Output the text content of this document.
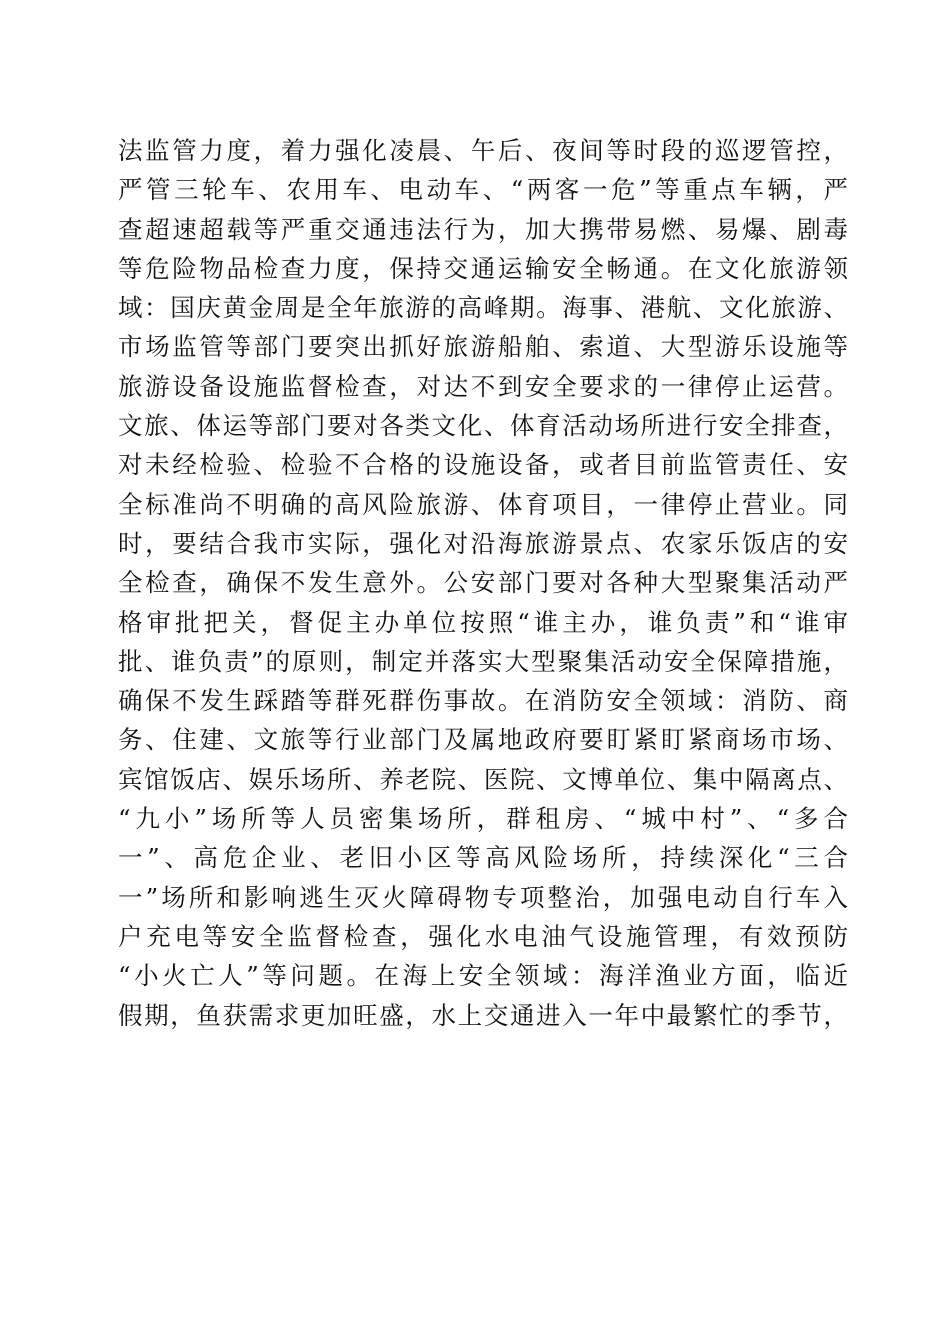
法监管力度，着力强化凌晨、午后、夜间等时段的巡逻管控，
严管三轮车、农用车、电动车、“两客一危”等重点车辆，严
查超速超载等严重交通违法行为，加大携带易燃、易爆、剧毒
等危险物品检查力度，保持交通运输安全畅通。在文化旅游领
域：国庆黄金周是全年旅游的高峰期。海事、港航、文化旅游、
市场监管等部门要突出抓好旅游船舶、索道、大型游乐设施等
旅游设备设施监督检查，对达不到安全要求的一律停止运营。
文旅、体运等部门要对各类文化、体育活动场所进行安全排查，
对未经检验、检验不合格的设施设备，或者目前监管责任、安
全标准尚不明确的高风险旅游、体育项目，一律停止营业。同
时，要结合我市实际，强化对沿海旅游景点、农家乐饭店的安
全检查，确保不发生意外。公安部门要对各种大型聚集活动严
格审批把关，督促主办单位按照“谁主办，谁负责”和“谁审
批、谁负责”的原则，制定并落实大型聚集活动安全保障措施，
确保不发生踩踏等群死群伤事故。在消防安全领域：消防、商
务、住建、文旅等行业部门及属地政府要盯紧盯紧商场市场、
宾馆饭店、娱乐场所、养老院、医院、文博单位、集中隔离点、
“九小”场所等人员密集场所，群租房、“城中村”、“多合
一”、高危企业、老旧小区等高风险场所，持续深化“三合
一”场所和影响逃生灭火障碍物专项整治，加强电动自行车入
户充电等安全监督检查，强化水电油气设施管理，有效预防
“小火亡人”等问题。在海上安全领域：海洋渔业方面，临近
假期，鱼获需求更加旺盛，水上交通进入一年中最繁忙的季节，
